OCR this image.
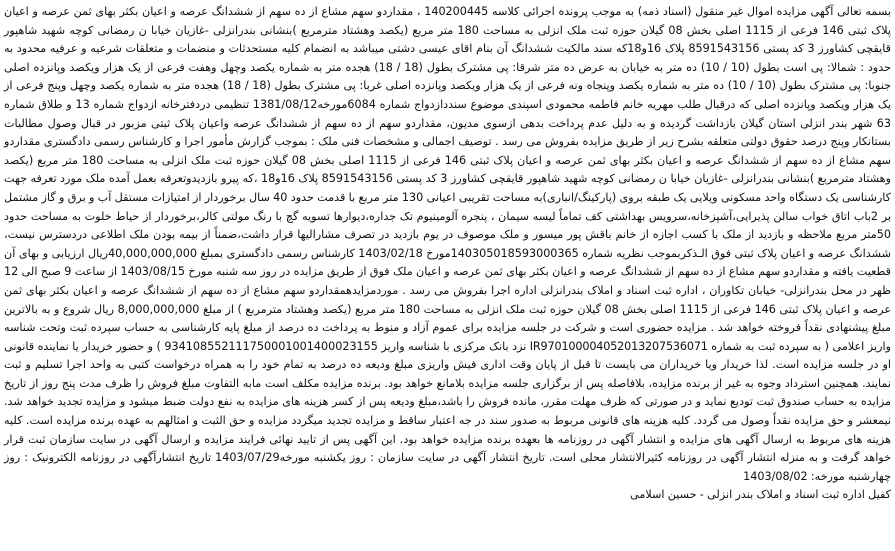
بسمه تعالی آگهی مزایده اموال غیر منقول (اسناد ذمه) به موجب پرونده اجرائی کلاسه 140200445 ، مقداردو سهم مشاع از ده سهم از ششدانگ عرصه و اعیان بکثر بهای ثمن عرصه و اعیان پلاک ثبتی 146 فرعی از 1115 اصلی بخش 08 گیلان حوزه ثبت ملک انزلی به مساحت 180 متر مربع (یکصد وهشتاد مترمربع )بنشانی بندرانزلی -غازیان خیابا ن رمضانی کوچه شهید شاهپور قایقچی کشاورز 3 کد پستی 8591543156 پلاک 16و18که سند مالکیت ششدانگ آن بنام اقای عیسی دشتی میباشد به انضمام کلیه مستحدثات و منضمات و متعلقات شرعیه و عرفیه محدود به حدود : شمالا: پی است بطول (10 / 10) ده متر به خیابان به عرض ده متر شرقا: پی مشترک بطول (18 / 18) هجده متر به شماره یکصد وچهل وهفت فرعی از یک هزار ویکصد وپانزده اصلی جنوبا: پی مشترک بطول (10 / 10) ده متر به شماره یکصد وپنجاه ونه فرعی از یک هزار ویکصد وپانزده اصلی غربا: پی مشترک بطول (18 / 18) هجده متر به شماره یکصد وچهل وپنج فرعی از یک هزار ویکصد وپانزده اصلی که درقبال طلب مهریه خانم فاطمه محمودی اسپندی موضوع سنددازدواج شماره 6084مورخه1381/08/12 تنظیمی دردفترخانه ازدواج شماره 13 و طلاق شماره 63 شهر بندر انزلی استان گیلان بازداشت گردیده و به دلیل عدم پرداخت بدهی ازسوی مدیون، مقداردو سهم از ده سهم از ششدانگ عرصه واعیان پلاک ثبتی مزبور در قبال وصول مطالبات بستانکار وپنج درصد حقوق دولتی متعلقه بشرح زیر از طریق مزایده بفروش می رسد . توصیف اجمالی و مشخصات فنی ملک : بموجب گزارش مأمور اجرا و کارشناس رسمی دادگستری مقداردو سهم مشاع از ده سهم از ششدانگ عرصه و اعیان بکثر بهای ثمن عرصه و اعیان پلاک ثبتی 146 فرعی از 1115 اصلی بخش 08 گیلان حوزه ثبت ملک انزلی به مساحت 180 متر مربع (یکصد وهشتاد مترمربع )بنشانی بندرانزلی -غازیان خیابا ن رمضانی کوچه شهید شاهپور قایقچی کشاورز 3 کد پستی 8591543156 پلاک 16و18 ،که پیرو بازدیدوتعرفه بعمل آمده ملک مورد تعرفه جهت کارشناسی یک دستگاه واحد مسکونی ویلایی یک طبقه بروی (پارکینگ/انباری)به مساحت تقریبی اعیانی 130 متر مربع با قدمت حدود 40 سال برخوردار از امتیازات مستقل آب و برق و گاز مشتمل بر 2باب اتاق خواب سالن پذیرایی،آشپزخانه،سرویس بهداشتی کف تماماً لیسه سیمان ، پنجره آلومینیوم تک جداره،دیوارها تسویه گچ با رنگ مولتی کالر،برخوردار از حیاط خلوت به مساحت حدود 50متر مربع ملاحظه و بازدید از ملک با کسب اجازه از خانم باقش پور میسور و ملک موصوف در یوم بازدید در تصرف مشارالیها قرار داشت،ضمناً از بیمه بودن ملک اطلاعی دردسترس نیست، ششدانگ عرصه و اعیان پلاک ثبتی فوق الـذکربموجب نظریه شماره 140305018593000365مورخ 1403/02/18 کارشناس رسمی دادگستری بمبلغ 40,000,000,000ریال ارزیابی و بهای آن قطعیت یافته و مقداردو سهم مشاع از ده سهم از ششدانگ عرصه و اعیان بکثر بهای ثمن عرصه و اعیان ملک فوق از طریق مزایده در روز سه شنبه مورخ 1403/08/15 از ساعت 9 صبح الی 12 ظهر در محل بندرانزلی- خیابان تکاوران ، اداره ثبت اسناد و املاک بندرانزلی اداره اجرا بفروش می رسد . موردمزایدهمقداردو سهم مشاع از ده سهم از ششدانگ عرصه و اعیان بکثر بهای ثمن عرصه و اعیان پلاک ثبتی 146 فرعی از 1115 اصلی بخش 08 گیلان حوزه ثبت ملک انزلی به مساحت 180 متر مربع (یکصد وهشتاد مترمربع ) از مبلغ 8,000,000,000 ریال شروع و به بالاترین مبلغ پیشنهادی نقداً فروخته خواهد شد . مزایده حضوری است و شرکت در جلسه مزایده برای عموم آزاد و منوط به پرداخت ده درصد از مبلغ پایه کارشناسی به حساب سپرده ثبت وتحت شناسه واریز اعلامی ( به سپرده ثبت به شماره IR970100004052013207536071 نزد بانک مرکزی با شناسه واریز 934108552111750001001400023155 ) و حضور خریدار یا نماینده قانونی او در جلسه مزایده است. لذا خریدار ویا خریداران می بایست تا قبل از پایان وقت اداری فیش واریزی مبلغ ودیعه ده درصد به تمام خود را به همراه درخواست کتبی به واحد اجرا تسلیم و ثبت نمایند. همچنین استرداد وجوه به غیر از برنده مزایده، بلافاصله پس از برگزاری جلسه مزایده بلامانع خواهد بود. برنده مزایده مکلف است مابه التفاوت مبلغ فروش را ظرف مدت پنج روز از تاریخ مزایده به حساب صندوق ثبت تودیع نماید و در صورتی که ظرف مهلت مقرر، مانده فروش را باشد،مبلغ ودیعه پس از کسر هزینه های مزایده به نفع دولت ضبط میشود و مزایده تجدید خواهد شد. نیمعشر و حق مزایده نقداً وصول می گردد. کلیه هزینه های قانونی مربوط به صدور سند در جه اعتبار ساقط و مزایده تجدید میگردد مزایده و حق الثبت و امثالهم به عهده برنده مزایده است. کلیه هزینه های مربوط به ارسال آگهی های مزایده و انتشار آگهی در روزنامه ها بعهده برنده مزایده خواهد بود. این آگهی پس از تایید نهائی فرایند مزایده و ارسال آگهی در سایت سازمان ثبت قرار خواهد گرفت و به منزله انتشار آگهی در روزنامه کثیرالانتشار محلی است. تاریخ انتشار آگهی در سایت سازمان : روز یکشنبه مورخه1403/07/29 تاریخ انتشارآگهی در روزنامه الکترونیک : روز چهارشنبه مورخه: 1403/08/02

کفیل اداره ثبت اسناد و املاک بندر انزلی - حسین اسلامی
